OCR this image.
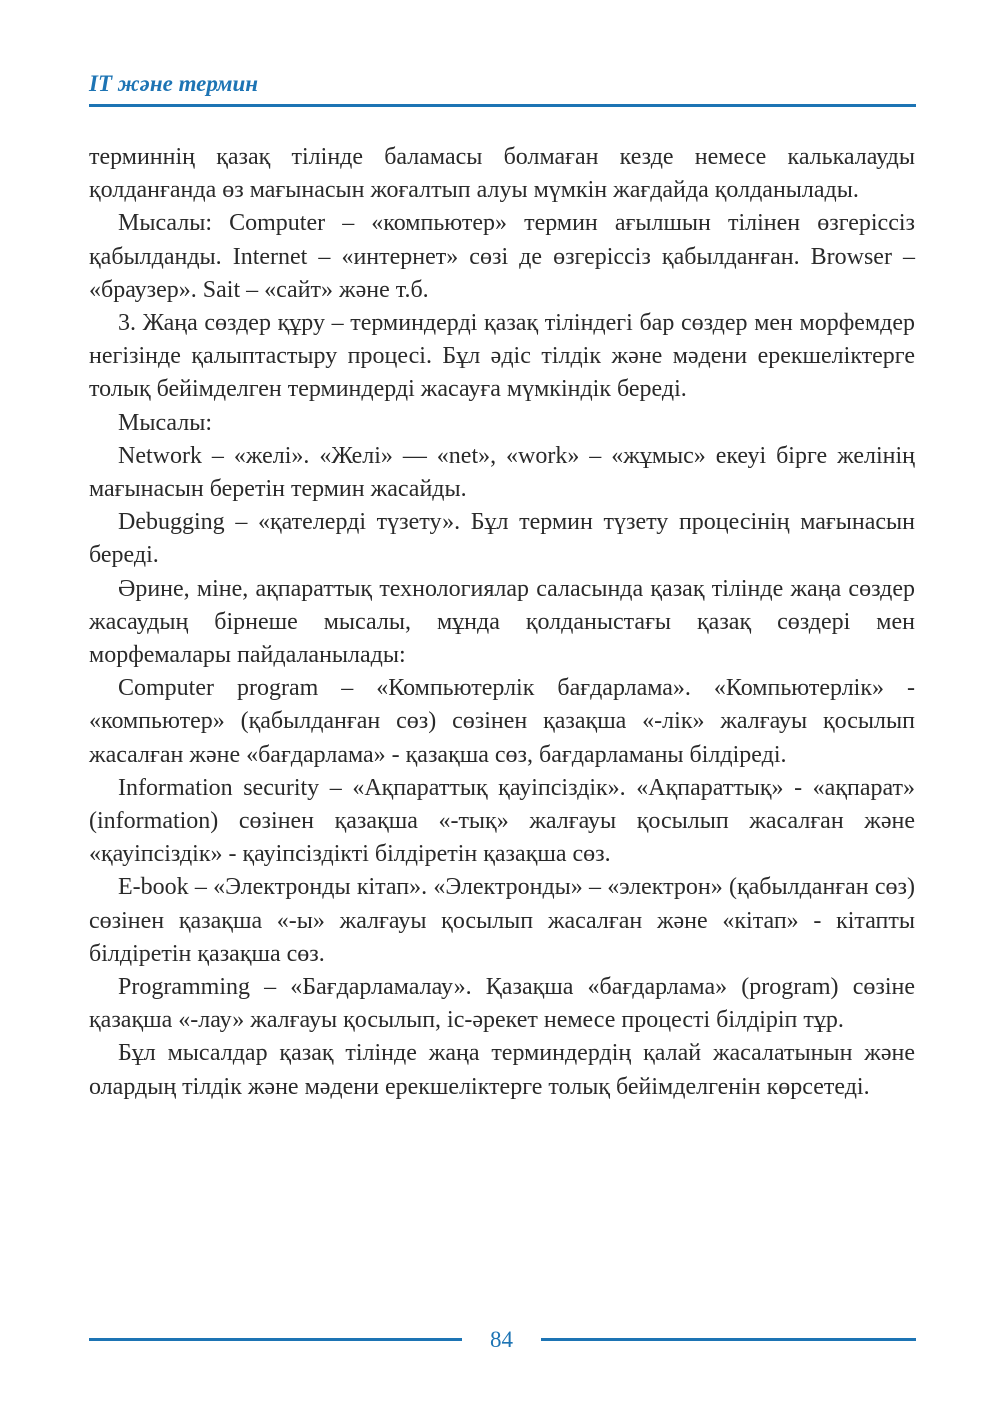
IT және термин

терминнің қазақ тілінде баламасы болмаған кезде немесе калькалауды қолданғанда өз мағынасын жоғалтып алуы мүмкін жағдайда қолданылады.

Мысалы: Computer – «компьютер» термин ағылшын тілінен өзгеріссіз қабылданды. Internet – «интернет» сөзі де өзгеріссіз қабылданған. Browser – «браузер». Sait – «сайт» және т.б.

3. Жаңа сөздер құру – терминдерді қазақ тіліндегі бар сөздер мен морфемдер негізінде қалыптастыру процесі. Бұл әдіс тілдік және мәдени ерекшеліктерге толық бейімделген терминдерді жасауға мүмкіндік береді.

Мысалы:

Network – «желі». «Желі» — «net», «work» – «жұмыс» екеуі бірге желінің мағынасын беретін термин жасайды.

Debugging – «қателерді түзету». Бұл термин түзету процесінің мағынасын береді.

Әрине, міне, ақпараттық технологиялар саласында қазақ тілінде жаңа сөздер жасаудың бірнеше мысалы, мұнда қолданыстағы қазақ сөздері мен морфемалары пайдаланылады:

Computer program – «Компьютерлік бағдарлама». «Компьютерлік» - «компьютер» (қабылданған сөз) сөзінен қазақша «-лік» жалғауы қосылып жасалған және «бағдарлама» - қазақша сөз, бағдарламаны білдіреді.

Information security – «Ақпараттық қауіпсіздік». «Ақпараттық» - «ақпарат» (information) сөзінен қазақша «-тық» жалғауы қосылып жасалған және «қауіпсіздік» - қауіпсіздікті білдіретін қазақша сөз.

E-book – «Электронды кітап». «Электронды» – «электрон» (қабылданған сөз) сөзінен қазақша «-ы» жалғауы қосылып жасалған және «кітап» - кітапты білдіретін қазақша сөз.

Programming – «Бағдарламалау». Қазақша «бағдарлама» (program) сөзіне қазақша «-лау» жалғауы қосылып, іс-әрекет немесе процесті білдіріп тұр.

Бұл мысалдар қазақ тілінде жаңа терминдердің қалай жасалатынын және олардың тілдік және мәдени ерекшеліктерге толық бейімделгенін көрсетеді.

84
